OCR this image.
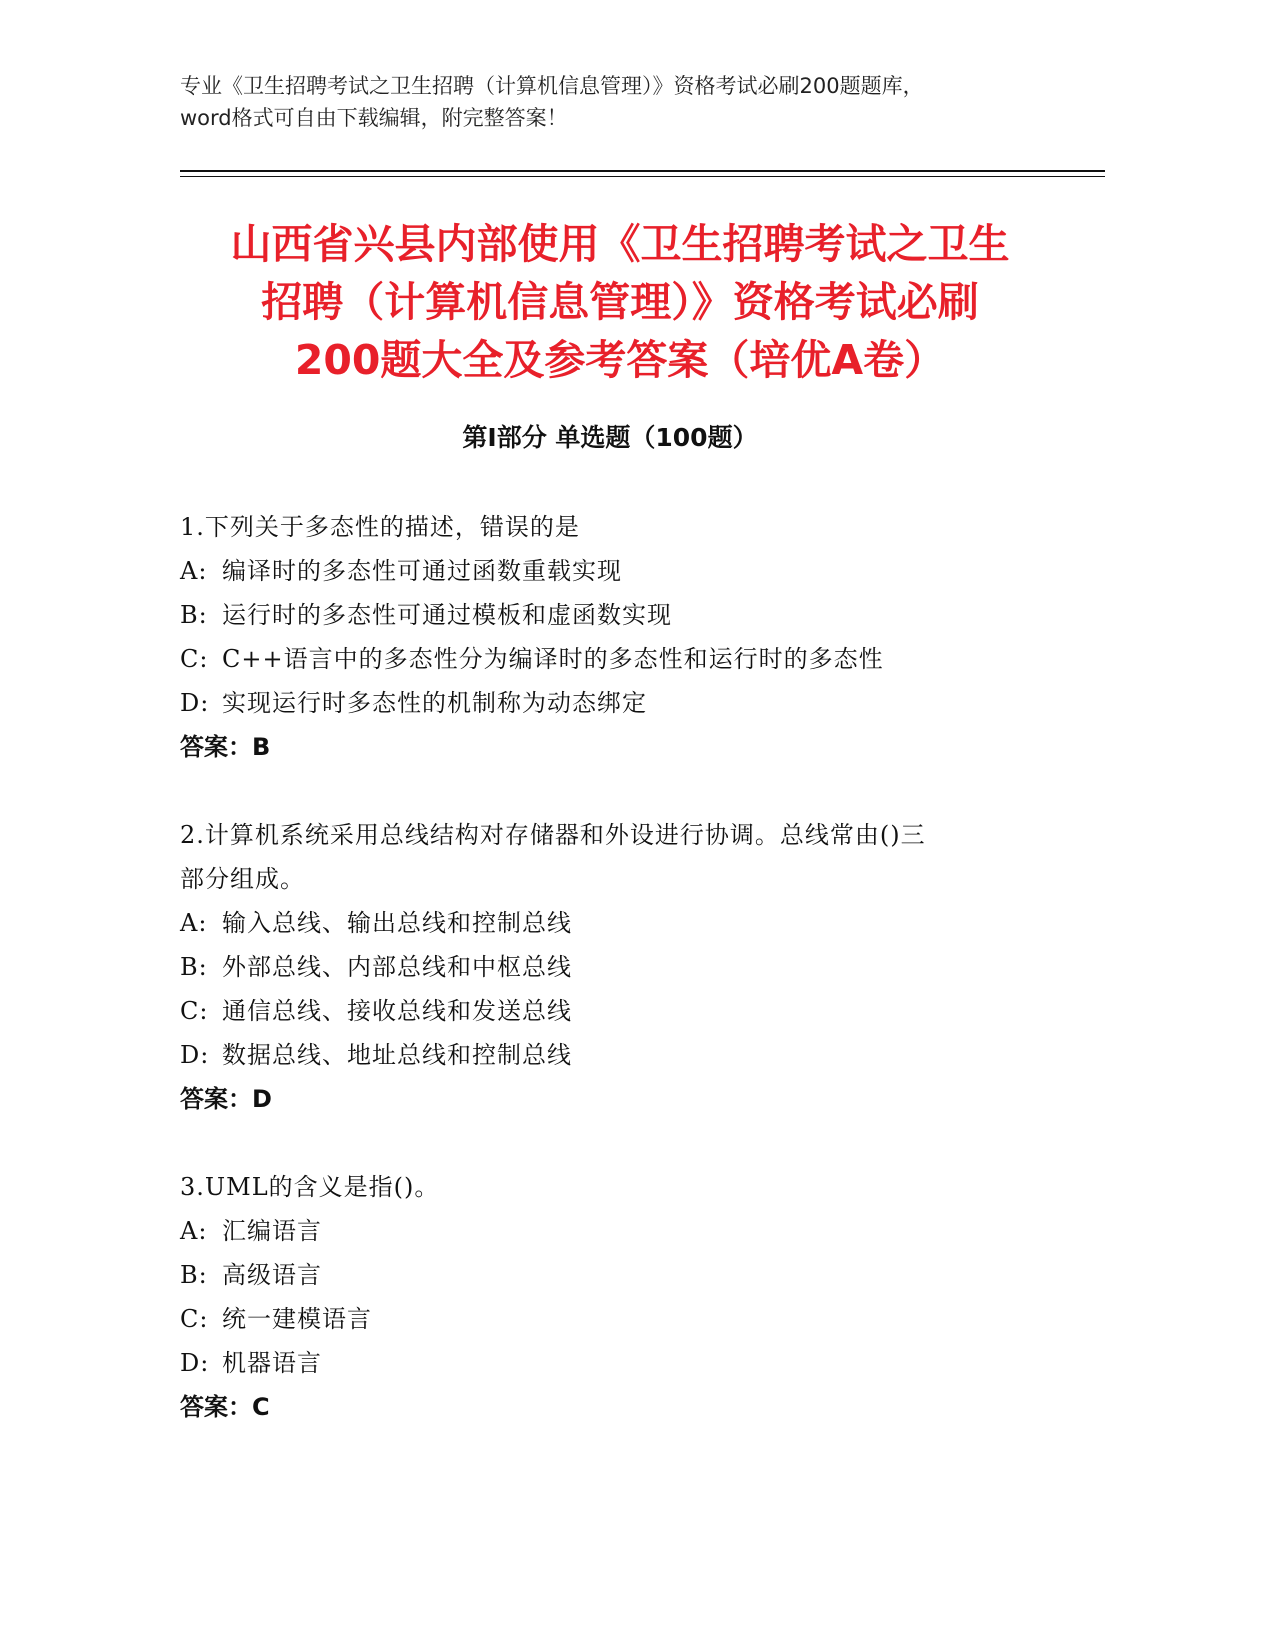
专业《卫生招聘考试之卫生招聘（计算机信息管理）》资格考试必刷200题题库，
word格式可自由下载编辑，附完整答案！
山西省兴县内部使用《卫生招聘考试之卫生
招聘（计算机信息管理）》资格考试必刷
200题大全及参考答案（培优A卷）
第I部分 单选题（100题）
1.下列关于多态性的描述，错误的是
A: 编译时的多态性可通过函数重载实现
B: 运行时的多态性可通过模板和虚函数实现
C: C++语言中的多态性分为编译时的多态性和运行时的多态性
D: 实现运行时多态性的机制称为动态绑定
答案：B
2.计算机系统采用总线结构对存储器和外设进行协调。总线常由()三
部分组成。
A: 输入总线、输出总线和控制总线
B: 外部总线、内部总线和中枢总线
C: 通信总线、接收总线和发送总线
D: 数据总线、地址总线和控制总线
答案：D
3.UML的含义是指()。
A: 汇编语言
B: 高级语言
C: 统一建模语言
D: 机器语言
答案：C
